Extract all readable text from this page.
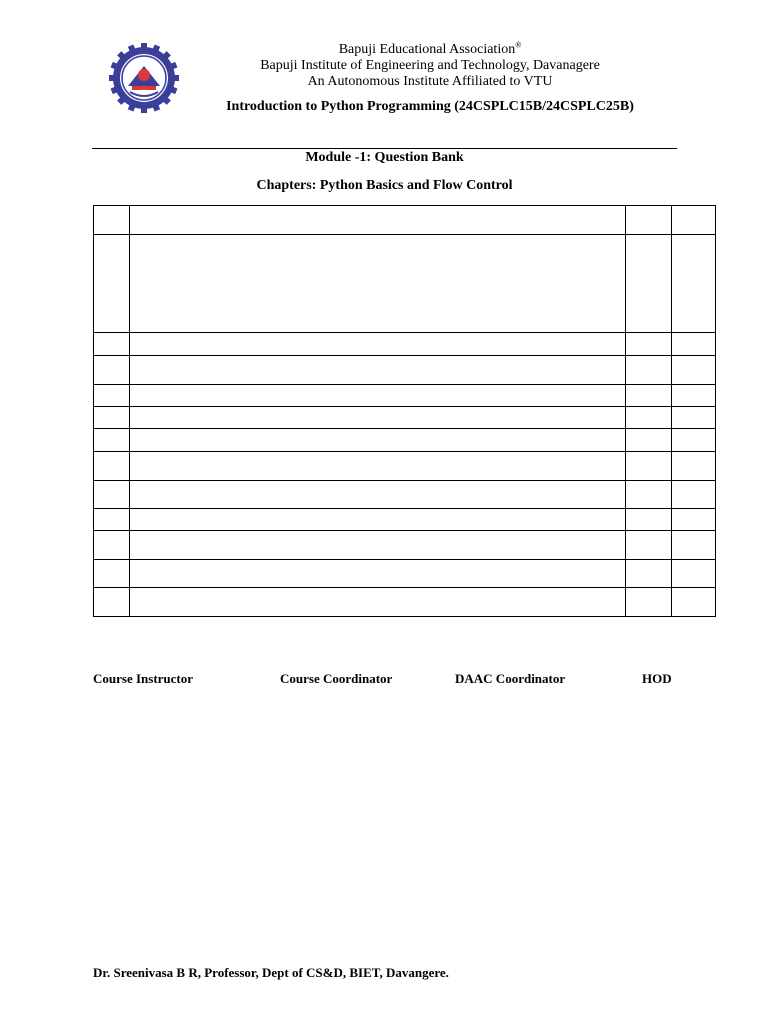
Bapuji Educational Association®
Bapuji Institute of Engineering and Technology, Davanagere
An Autonomous Institute Affiliated to VTU
Introduction to Python Programming (24CSPLC15B/24CSPLC25B)
Module -1: Question Bank
Chapters: Python Basics and Flow Control

Course Instructor	Course Coordinator	DAAC Coordinator	HOD
Dr. Sreenivasa B R, Professor, Dept of CS&D, BIET, Davangere.
